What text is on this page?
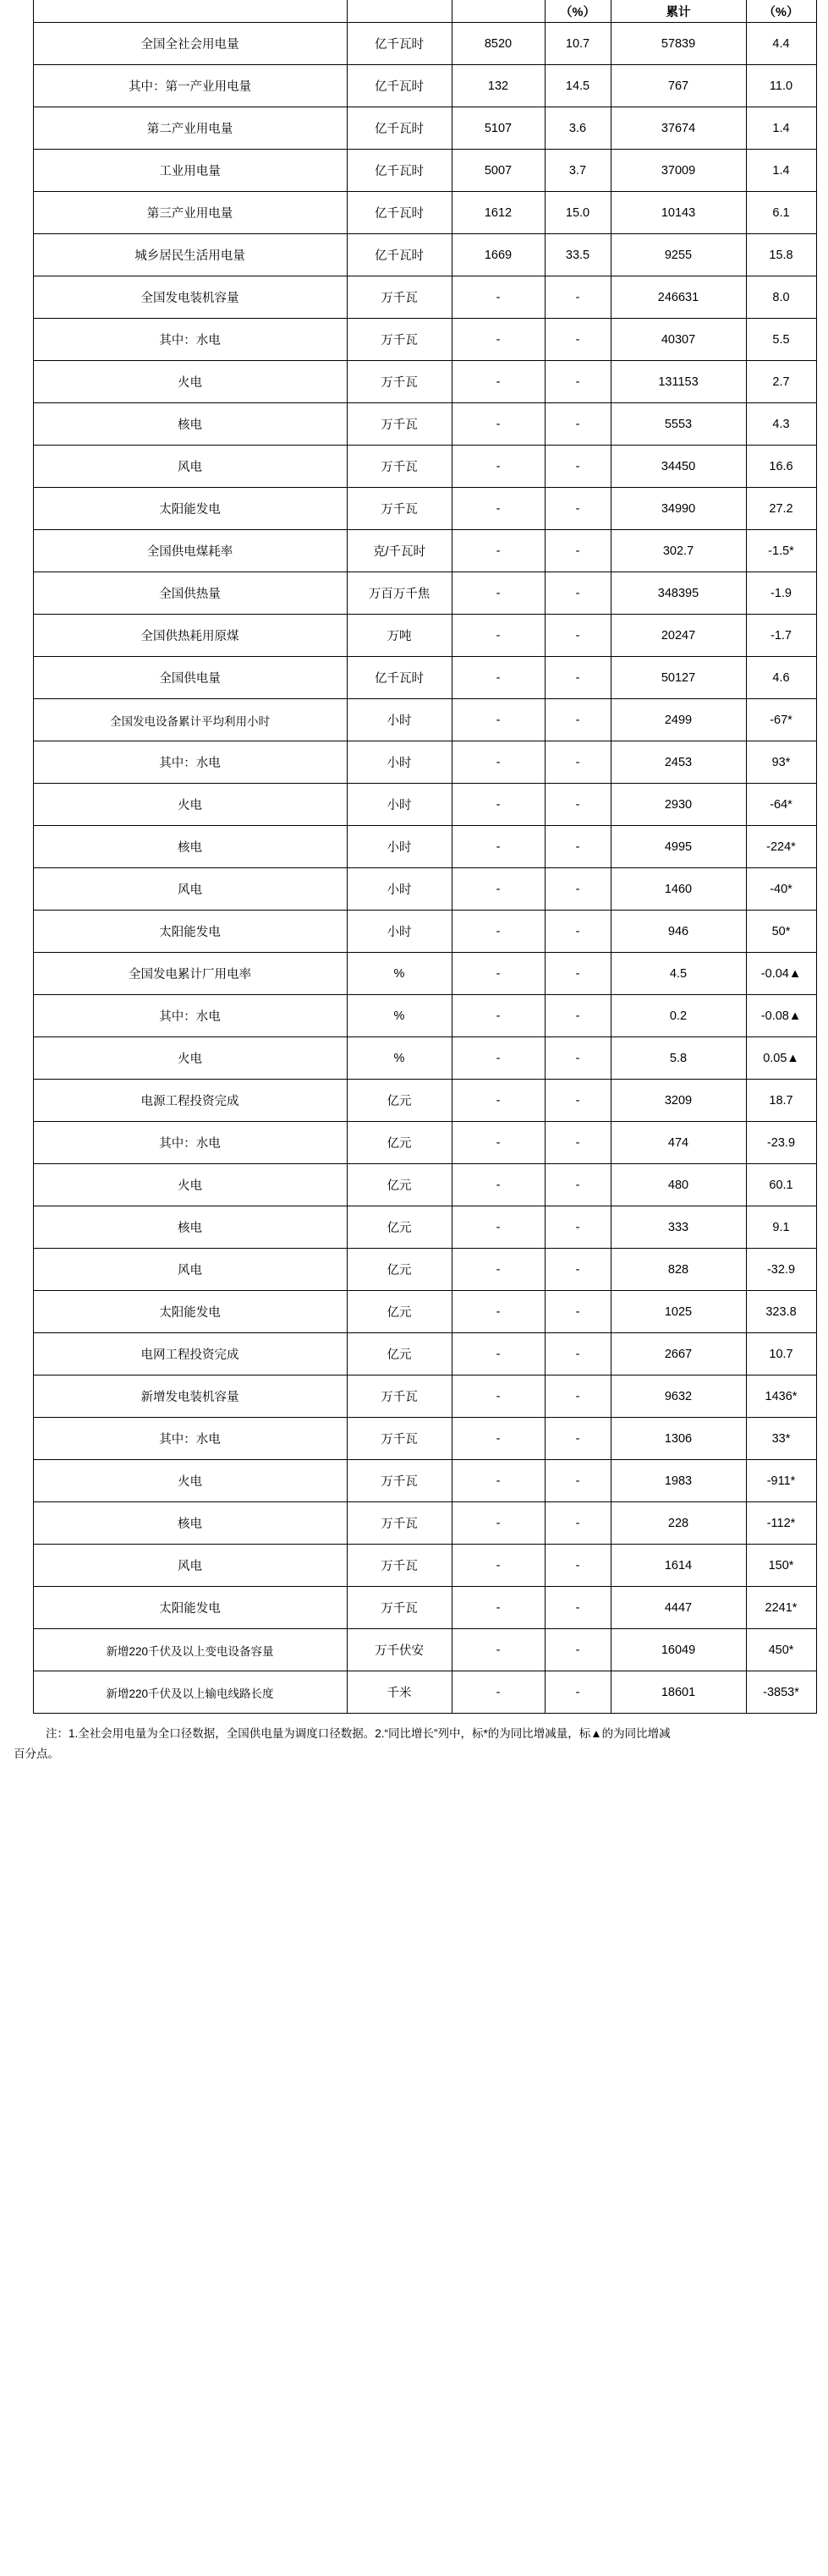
				（%）	累计	（%）
	全国全社会用电量	亿千瓦时	8520	10.7	57839	4.4
	其中：第一产业用电量	亿千瓦时	132	14.5	767	11.0
	第二产业用电量	亿千瓦时	5107	3.6	37674	1.4
	工业用电量	亿千瓦时	5007	3.7	37009	1.4
	第三产业用电量	亿千瓦时	1612	15.0	10143	6.1
	城乡居民生活用电量	亿千瓦时	1669	33.5	9255	15.8
	全国发电装机容量	万千瓦	-	-	246631	8.0
	其中：水电	万千瓦	-	-	40307	5.5
	火电	万千瓦	-	-	131153	2.7
	核电	万千瓦	-	-	5553	4.3
	风电	万千瓦	-	-	34450	16.6
	太阳能发电	万千瓦	-	-	34990	27.2
	全国供电煤耗率	克/千瓦时	-	-	302.7	-1.5*
	全国供热量	万百万千焦	-	-	348395	-1.9
	全国供热耗用原煤	万吨	-	-	20247	-1.7
	全国供电量	亿千瓦时	-	-	50127	4.6
	全国发电设备累计平均利用小时	小时	-	-	2499	-67*
	其中：水电	小时	-	-	2453	93*
	火电	小时	-	-	2930	-64*
	核电	小时	-	-	4995	-224*
	风电	小时	-	-	1460	-40*
	太阳能发电	小时	-	-	946	50*
	全国发电累计厂用电率	%	-	-	4.5	-0.04▲
	其中：水电	%	-	-	0.2	-0.08▲
	火电	%	-	-	5.8	0.05▲
	电源工程投资完成	亿元	-	-	3209	18.7
	其中：水电	亿元	-	-	474	-23.9
	火电	亿元	-	-	480	60.1
	核电	亿元	-	-	333	9.1
	风电	亿元	-	-	828	-32.9
	太阳能发电	亿元	-	-	1025	323.8
	电网工程投资完成	亿元	-	-	2667	10.7
	新增发电装机容量	万千瓦	-	-	9632	1436*
	其中：水电	万千瓦	-	-	1306	33*
	火电	万千瓦	-	-	1983	-911*
	核电	万千瓦	-	-	228	-112*
	风电	万千瓦	-	-	1614	150*
	太阳能发电	万千瓦	-	-	4447	2241*
	新增220千伏及以上变电设备容量	万千伏安	-	-	16049	450*
	新增220千伏及以上输电线路长度	千米	-	-	18601	-3853*
注：1.全社会用电量为全口径数据，全国供电量为调度口径数据。2.“同比增长”列中，标*的为同比增减量，标▲的为同比增减
百分点。
